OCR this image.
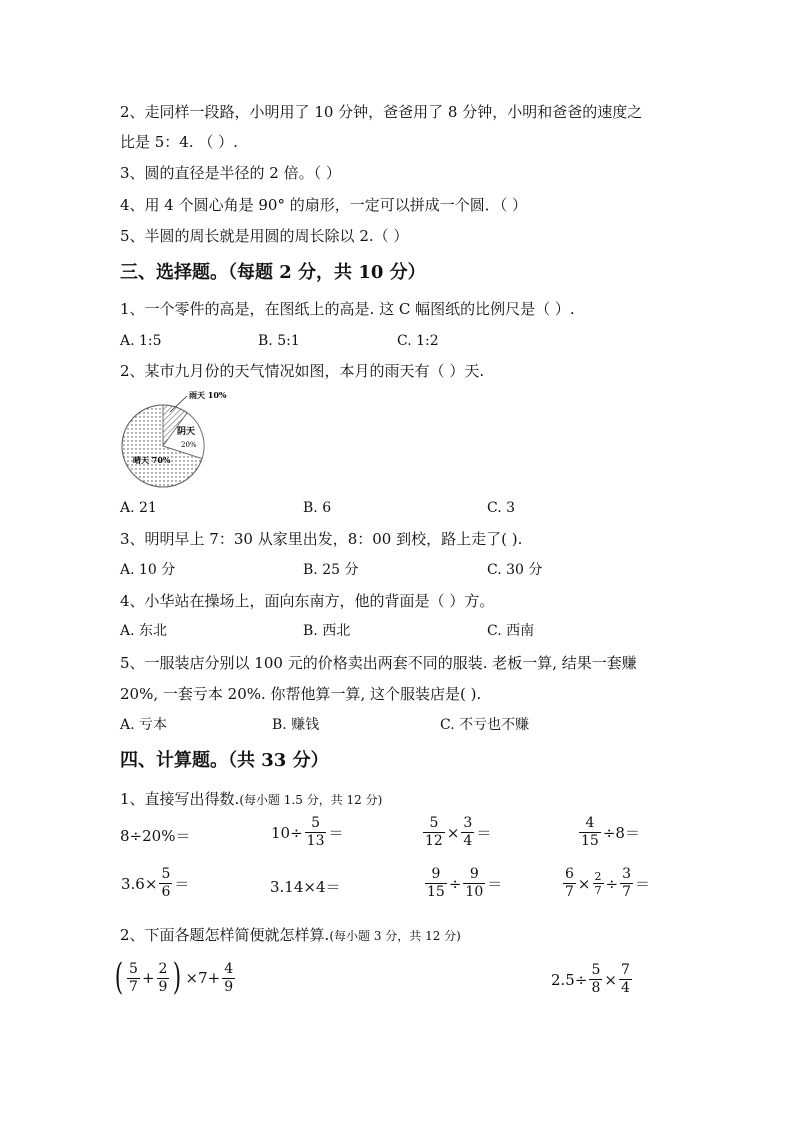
2、走同样一段路，小明用了 10 分钟，爸爸用了 8 分钟，小明和爸爸的速度之
比是 5：4. （ ）.
3、圆的直径是半径的 2 倍。（ ）
4、用 4 个圆心角是 90° 的扇形，一定可以拼成一个圆．（ ）
5、半圆的周长就是用圆的周长除以 2.（ ）
三、选择题。（每题 2 分，共 10 分）
1、一个零件的高是，在图纸上的高是. 这 C 幅图纸的比例尺是（ ）.
A. 1:5	B. 5:1	C. 1:2
2、某市九月份的天气情况如图，本月的雨天有（ ）天.
雨天 10%
阴天
20%
晴天 70%
A. 21	B. 6	C. 3
3、明明早上 7：30 从家里出发，8：00 到校，路上走了( ).
A. 10 分	B. 25 分	C. 30 分
4、小华站在操场上，面向东南方，他的背面是（ ）方。
A. 东北	B. 西北	C. 西南
5、一服装店分别以 100 元的价格卖出两套不同的服装. 老板一算, 结果一套赚
20%, 一套亏本 20%. 你帮他算一算, 这个服装店是( ).
A. 亏本	B. 赚钱	C. 不亏也不赚
四、计算题。（共 33 分）
1、直接写出得数.(每小题 1.5 分，共 12 分)
8÷20%＝	$10\div \frac{5}{13}$ ＝	$\frac{5}{12} \times \frac{3}{4}$ ＝	$\frac{4}{15} \div 8=$
$3.6\times \frac{5}{6}$ ＝	3.14×4＝	$\frac{9}{15} \div \frac{9}{10}$ ＝	$\frac{6}{7} \times \frac{2}{7} \div \frac{3}{7}$ ＝
2、下面各题怎样简便就怎样算.(每小题 3 分，共 12 分)
( $\frac{5}{7} + \frac{2}{9}$ ) $\times 7+ \frac{4}{9}$	$2.5\div \frac{5}{8} \times \frac{7}{4}$
